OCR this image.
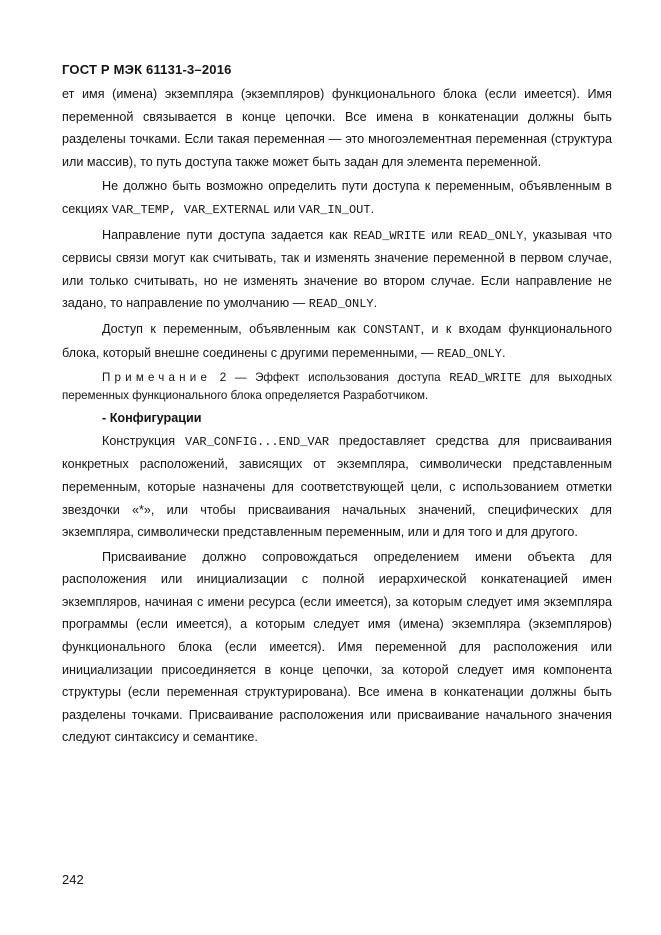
ГОСТ Р МЭК 61131-3–2016

ет имя (имена) экземпляра (экземпляров) функционального блока (если имеется). Имя переменной связывается в конце цепочки. Все имена в конкатенации должны быть разделены точками. Если такая переменная — это многоэлементная переменная (структура или массив), то путь доступа также может быть задан для элемента переменной.

Не должно быть возможно определить пути доступа к переменным, объявленным в секциях VAR_TEMP, VAR_EXTERNAL или VAR_IN_OUT.

Направление пути доступа задается как READ_WRITE или READ_ONLY, указывая что сервисы связи могут как считывать, так и изменять значение переменной в первом случае, или только считывать, но не изменять значение во втором случае. Если направление не задано, то направление по умолчанию — READ_ONLY.

Доступ к переменным, объявленным как CONSTANT, и к входам функционального блока, который внешне соединены с другими переменными, — READ_ONLY.

Примечание 2 — Эффект использования доступа READ_WRITE для выходных переменных функционального блока определяется Разработчиком.

- Конфигурации

Конструкция VAR_CONFIG...END_VAR предоставляет средства для присваивания конкретных расположений, зависящих от экземпляра, символически представленным переменным, которые назначены для соответствующей цели, с использованием отметки звездочки «*», или чтобы присваивания начальных значений, специфических для экземпляра, символически представленным переменным, или и для того и для другого.

Присваивание должно сопровождаться определением имени объекта для расположения или инициализации с полной иерархической конкатенацией имен экземпляров, начиная с имени ресурса (если имеется), за которым следует имя экземпляра программы (если имеется), а которым следует имя (имена) экземпляра (экземпляров) функционального блока (если имеется). Имя переменной для расположения или инициализации присоединяется в конце цепочки, за которой следует имя компонента структуры (если переменная структурирована). Все имена в конкатенации должны быть разделены точками. Присваивание расположения или присваивание начального значения следуют синтаксису и семантике.

242
